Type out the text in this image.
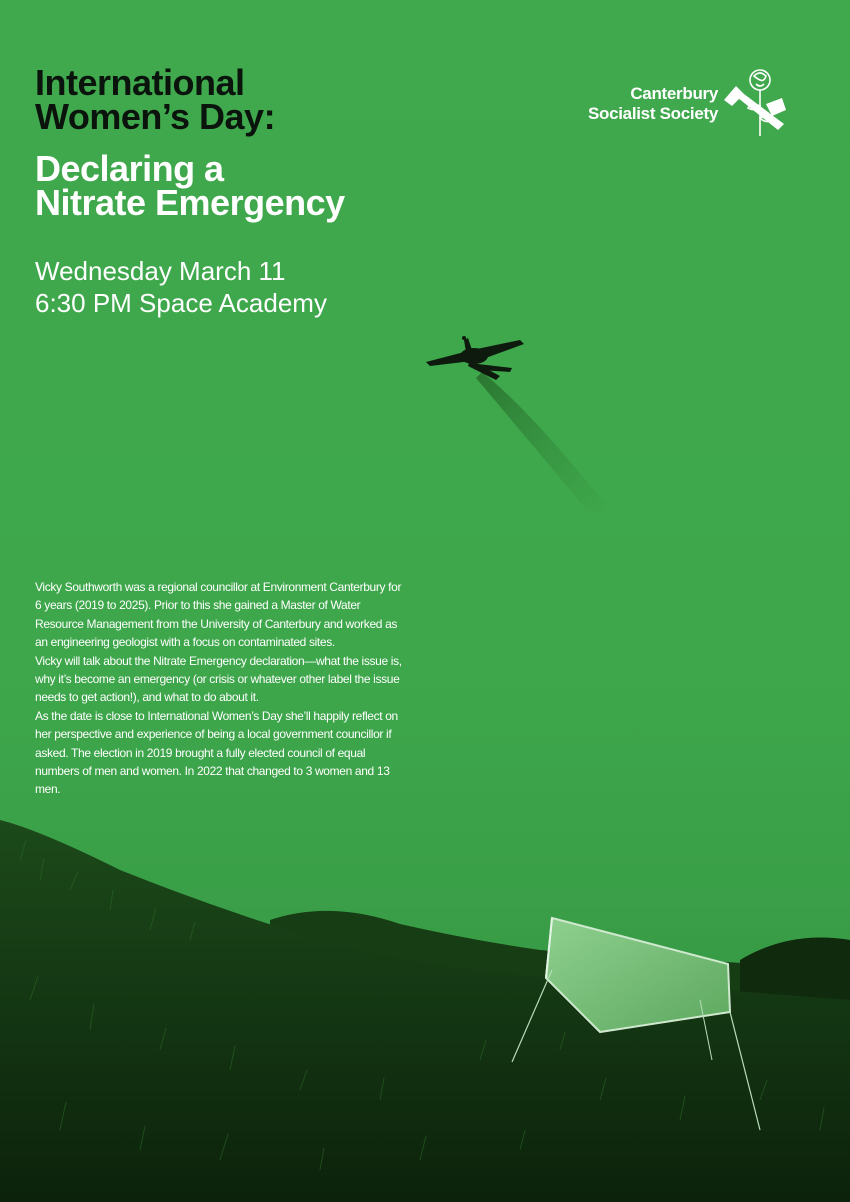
International
Women’s Day:
Declaring a
Nitrate Emergency
Wednesday March 11
6:30 PM Space Academy
Canterbury
Socialist Society

Vicky Southworth was a regional councillor at Environment Canterbury for 6 years (2019 to 2025). Prior to this she gained a Master of Water Resource Management from the University of Canterbury and worked as an engineering geologist with a focus on contaminated sites.

Vicky will talk about the Nitrate Emergency declaration—what the issue is, why it’s become an emergency (or crisis or whatever other label the issue needs to get action!), and what to do about it.

As the date is close to International Women’s Day she’ll happily reflect on her perspective and experience of being a local government councillor if asked. The election in 2019 brought a fully elected council of equal numbers of men and women. In 2022 that changed to 3 women and 13 men.
